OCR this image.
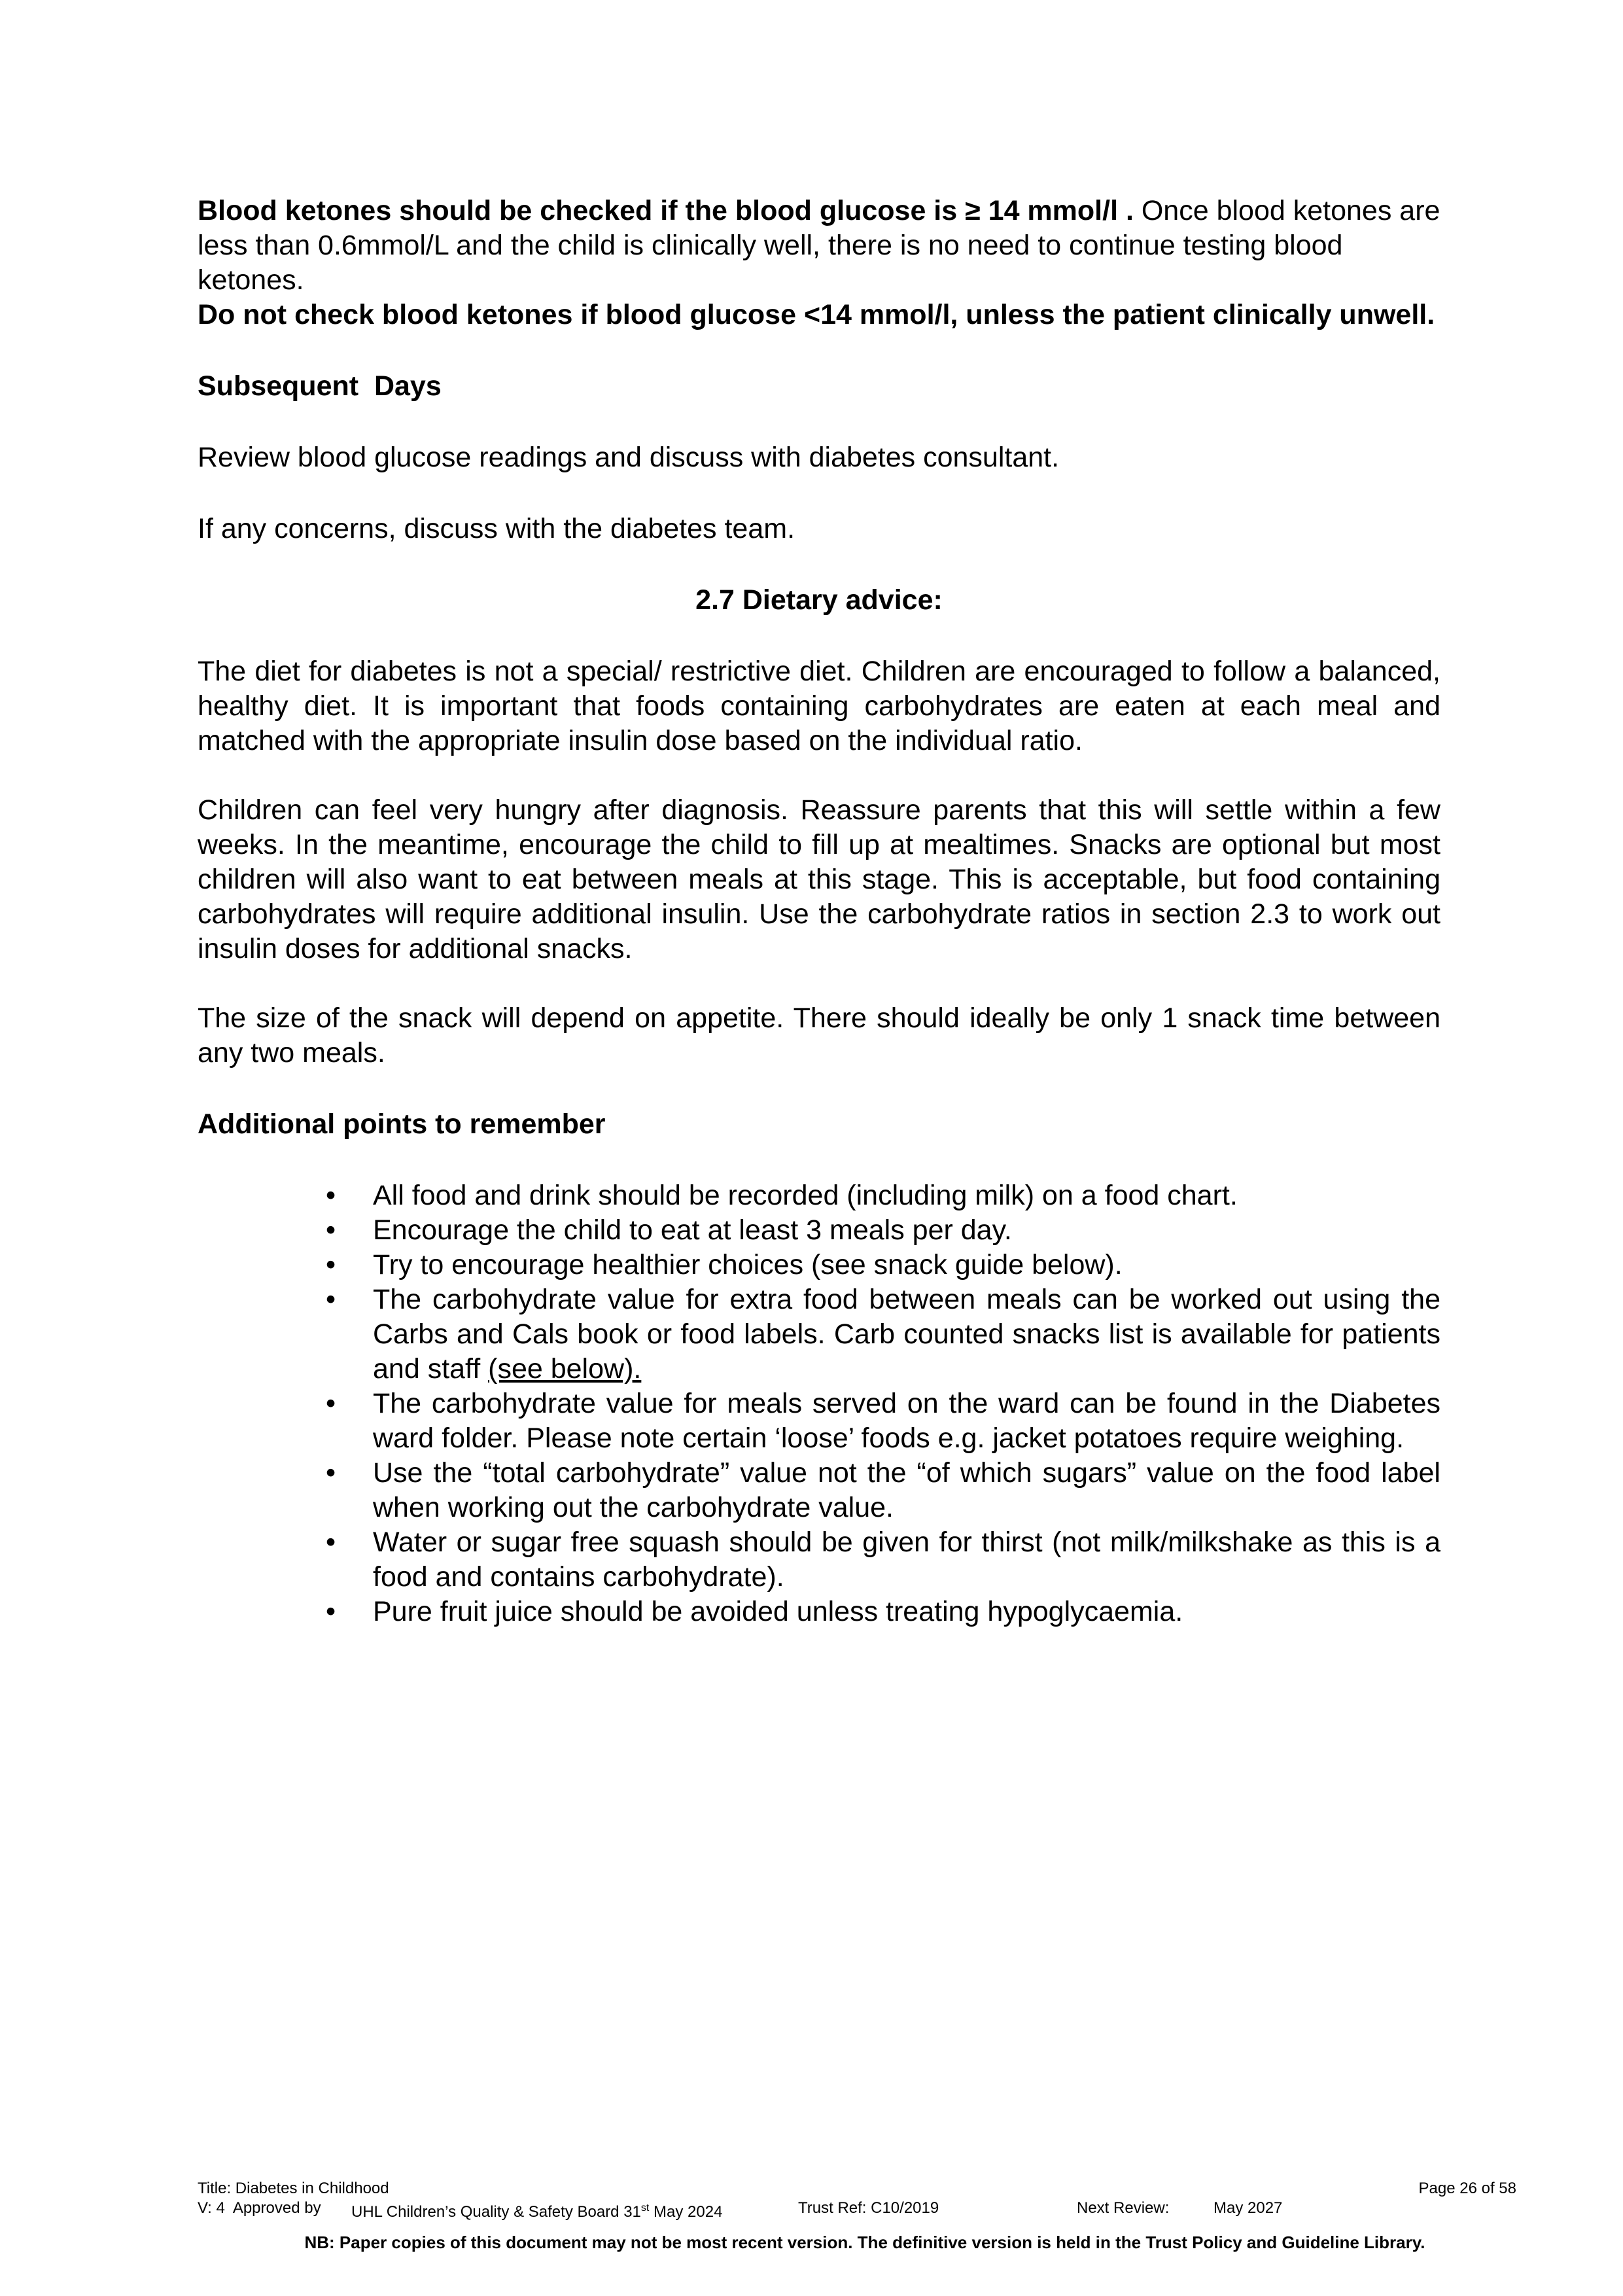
Blood ketones should be checked if the blood glucose is ≥ 14 mmol/l . Once blood ketones are less than 0.6mmol/L and the child is clinically well, there is no need to continue testing blood ketones.

Do not check blood ketones if blood glucose <14 mmol/l, unless the patient clinically unwell.

Subsequent  Days

Review blood glucose readings and discuss with diabetes consultant.

If any concerns, discuss with the diabetes team.

2.7 Dietary advice:

The diet for diabetes is not a special/ restrictive diet. Children are encouraged to follow a balanced, healthy diet. It is important that foods containing carbohydrates are eaten at each meal and matched with the appropriate insulin dose based on the individual ratio.

Children can feel very hungry after diagnosis. Reassure parents that this will settle within a few weeks. In the meantime, encourage the child to fill up at mealtimes. Snacks are optional but most children will also want to eat between meals at this stage. This is acceptable, but food containing carbohydrates will require additional insulin. Use the carbohydrate ratios in section 2.3 to work out insulin doses for additional snacks.

The size of the snack will depend on appetite. There should ideally be only 1 snack time between any two meals.

Additional points to remember

• All food and drink should be recorded (including milk) on a food chart.
• Encourage the child to eat at least 3 meals per day.
• Try to encourage healthier choices (see snack guide below).
• The carbohydrate value for extra food between meals can be worked out using the Carbs and Cals book or food labels. Carb counted snacks list is available for patients and staff (see below).
• The carbohydrate value for meals served on the ward can be found in the Diabetes ward folder. Please note certain ‘loose’ foods e.g. jacket potatoes require weighing.
• Use the “total carbohydrate” value not the “of which sugars” value on the food label when working out the carbohydrate value.
• Water or sugar free squash should be given for thirst (not milk/milkshake as this is a food and contains carbohydrate).
• Pure fruit juice should be avoided unless treating hypoglycaemia.
Title: Diabetes in Childhood	Page 26 of 58
V: 4  Approved by UHL Children’s Quality & Safety Board 31st May 2024	Trust Ref: C10/2019	Next Review:	May 2027
NB: Paper copies of this document may not be most recent version. The definitive version is held in the Trust Policy and Guideline Library.
